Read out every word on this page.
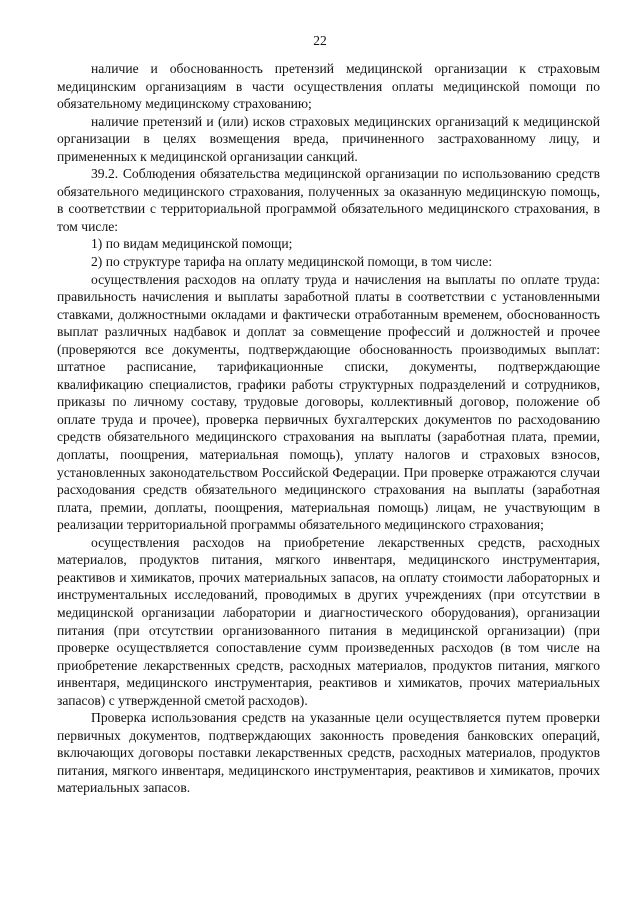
22

наличие и обоснованность претензий медицинской организации к страховым медицинским организациям в части осуществления оплаты медицинской помощи по обязательному медицинскому страхованию;

наличие претензий и (или) исков страховых медицинских организаций к медицинской организации в целях возмещения вреда, причиненного застрахованному лицу, и примененных к медицинской организации санкций.

39.2. Соблюдения обязательства медицинской организации по использованию средств обязательного медицинского страхования, полученных за оказанную медицинскую помощь, в соответствии с территориальной программой обязательного медицинского страхования, в том числе:

1) по видам медицинской помощи;

2) по структуре тарифа на оплату медицинской помощи, в том числе:

осуществления расходов на оплату труда и начисления на выплаты по оплате труда: правильность начисления и выплаты заработной платы в соответствии с установленными ставками, должностными окладами и фактически отработанным временем, обоснованность выплат различных надбавок и доплат за совмещение профессий и должностей и прочее (проверяются все документы, подтверждающие обоснованность производимых выплат: штатное расписание, тарификационные списки, документы, подтверждающие квалификацию специалистов, графики работы структурных подразделений и сотрудников, приказы по личному составу, трудовые договоры, коллективный договор, положение об оплате труда и прочее), проверка первичных бухгалтерских документов по расходованию средств обязательного медицинского страхования на выплаты (заработная плата, премии, доплаты, поощрения, материальная помощь), уплату налогов и страховых взносов, установленных законодательством Российской Федерации. При проверке отражаются случаи расходования средств обязательного медицинского страхования на выплаты (заработная плата, премии, доплаты, поощрения, материальная помощь) лицам, не участвующим в реализации территориальной программы обязательного медицинского страхования;

осуществления расходов на приобретение лекарственных средств, расходных материалов, продуктов питания, мягкого инвентаря, медицинского инструментария, реактивов и химикатов, прочих материальных запасов, на оплату стоимости лабораторных и инструментальных исследований, проводимых в других учреждениях (при отсутствии в медицинской организации лаборатории и диагностического оборудования), организации питания (при отсутствии организованного питания в медицинской организации) (при проверке осуществляется сопоставление сумм произведенных расходов (в том числе на приобретение лекарственных средств, расходных материалов, продуктов питания, мягкого инвентаря, медицинского инструментария, реактивов и химикатов, прочих материальных запасов) с утвержденной сметой расходов).

Проверка использования средств на указанные цели осуществляется путем проверки первичных документов, подтверждающих законность проведения банковских операций, включающих договоры поставки лекарственных средств, расходных материалов, продуктов питания, мягкого инвентаря, медицинского инструментария, реактивов и химикатов, прочих материальных запасов.
